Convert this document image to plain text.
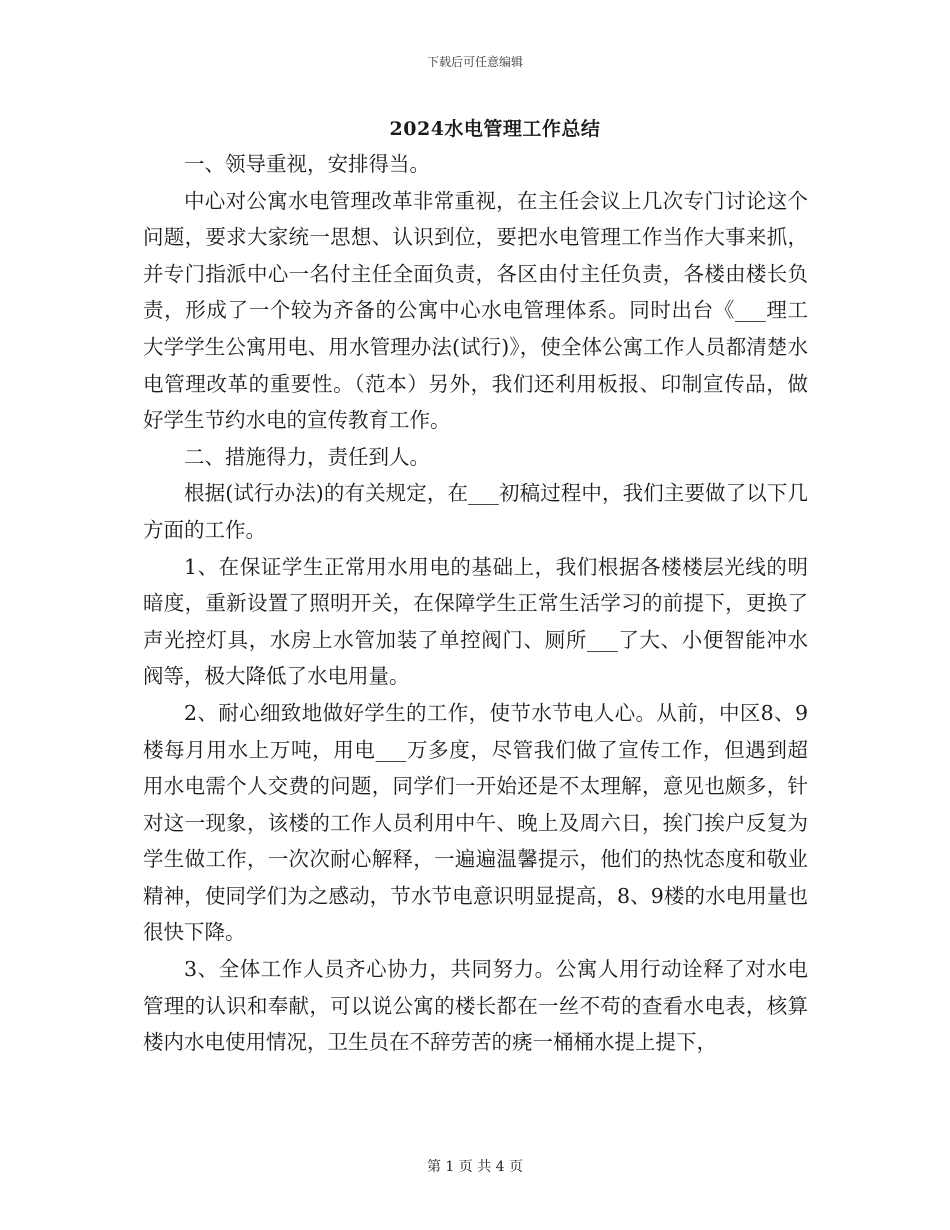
下载后可任意编辑
2024水电管理工作总结

一、领导重视，安排得当。

中心对公寓水电管理改革非常重视，在主任会议上几次专门讨论这个问题，要求大家统一思想、认识到位，要把水电管理工作当作大事来抓，并专门指派中心一名付主任全面负责，各区由付主任负责，各楼由楼长负责，形成了一个较为齐备的公寓中心水电管理体系。同时出台《___理工大学学生公寓用电、用水管理办法(试行)》，使全体公寓工作人员都清楚水电管理改革的重要性。（范本）另外，我们还利用板报、印制宣传品，做好学生节约水电的宣传教育工作。

二、措施得力，责任到人。

根据(试行办法)的有关规定，在___初稿过程中，我们主要做了以下几方面的工作。

1、在保证学生正常用水用电的基础上，我们根据各楼楼层光线的明暗度，重新设置了照明开关，在保障学生正常生活学习的前提下，更换了声光控灯具，水房上水管加装了单控阀门、厕所___了大、小便智能冲水阀等，极大降低了水电用量。

2、耐心细致地做好学生的工作，使节水节电人心。从前，中区8、9楼每月用水上万吨，用电___万多度，尽管我们做了宣传工作，但遇到超用水电需个人交费的问题，同学们一开始还是不太理解，意见也颇多，针对这一现象，该楼的工作人员利用中午、晚上及周六日，挨门挨户反复为学生做工作，一次次耐心解释，一遍遍温馨提示，他们的热忱态度和敬业精神，使同学们为之感动，节水节电意识明显提高，8、9楼的水电用量也很快下降。

3、全体工作人员齐心协力，共同努力。公寓人用行动诠释了对水电管理的认识和奉献，可以说公寓的楼长都在一丝不苟的查看水电表，核算楼内水电使用情况，卫生员在不辞劳苦的痜一桶桶水提上提下，

第 1 页 共 4 页
